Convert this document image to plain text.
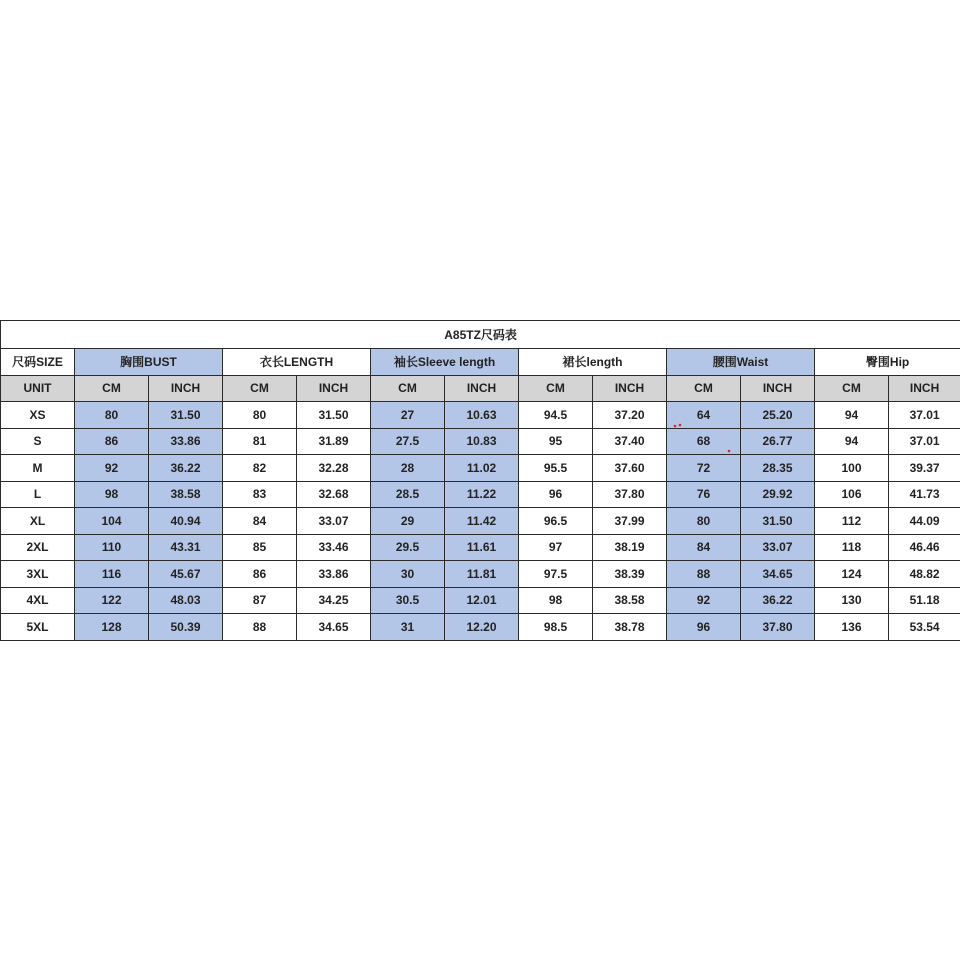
A85TZ尺码表												
尺码SIZE	胸围BUST		衣长LENGTH		袖长Sleeve length		裙长length		腰围Waist		臀围Hip	
UNIT	CM	INCH	CM	INCH	CM	INCH	CM	INCH	CM	INCH	CM	INCH
XS	80	31.50	80	31.50	27	10.63	94.5	37.20	64	25.20	94	37.01
S	86	33.86	81	31.89	27.5	10.83	95	37.40	68	26.77	94	37.01
M	92	36.22	82	32.28	28	11.02	95.5	37.60	72	28.35	100	39.37
L	98	38.58	83	32.68	28.5	11.22	96	37.80	76	29.92	106	41.73
XL	104	40.94	84	33.07	29	11.42	96.5	37.99	80	31.50	112	44.09
2XL	110	43.31	85	33.46	29.5	11.61	97	38.19	84	33.07	118	46.46
3XL	116	45.67	86	33.86	30	11.81	97.5	38.39	88	34.65	124	48.82
4XL	122	48.03	87	34.25	30.5	12.01	98	38.58	92	36.22	130	51.18
5XL	128	50.39	88	34.65	31	12.20	98.5	38.78	96	37.80	136	53.54
